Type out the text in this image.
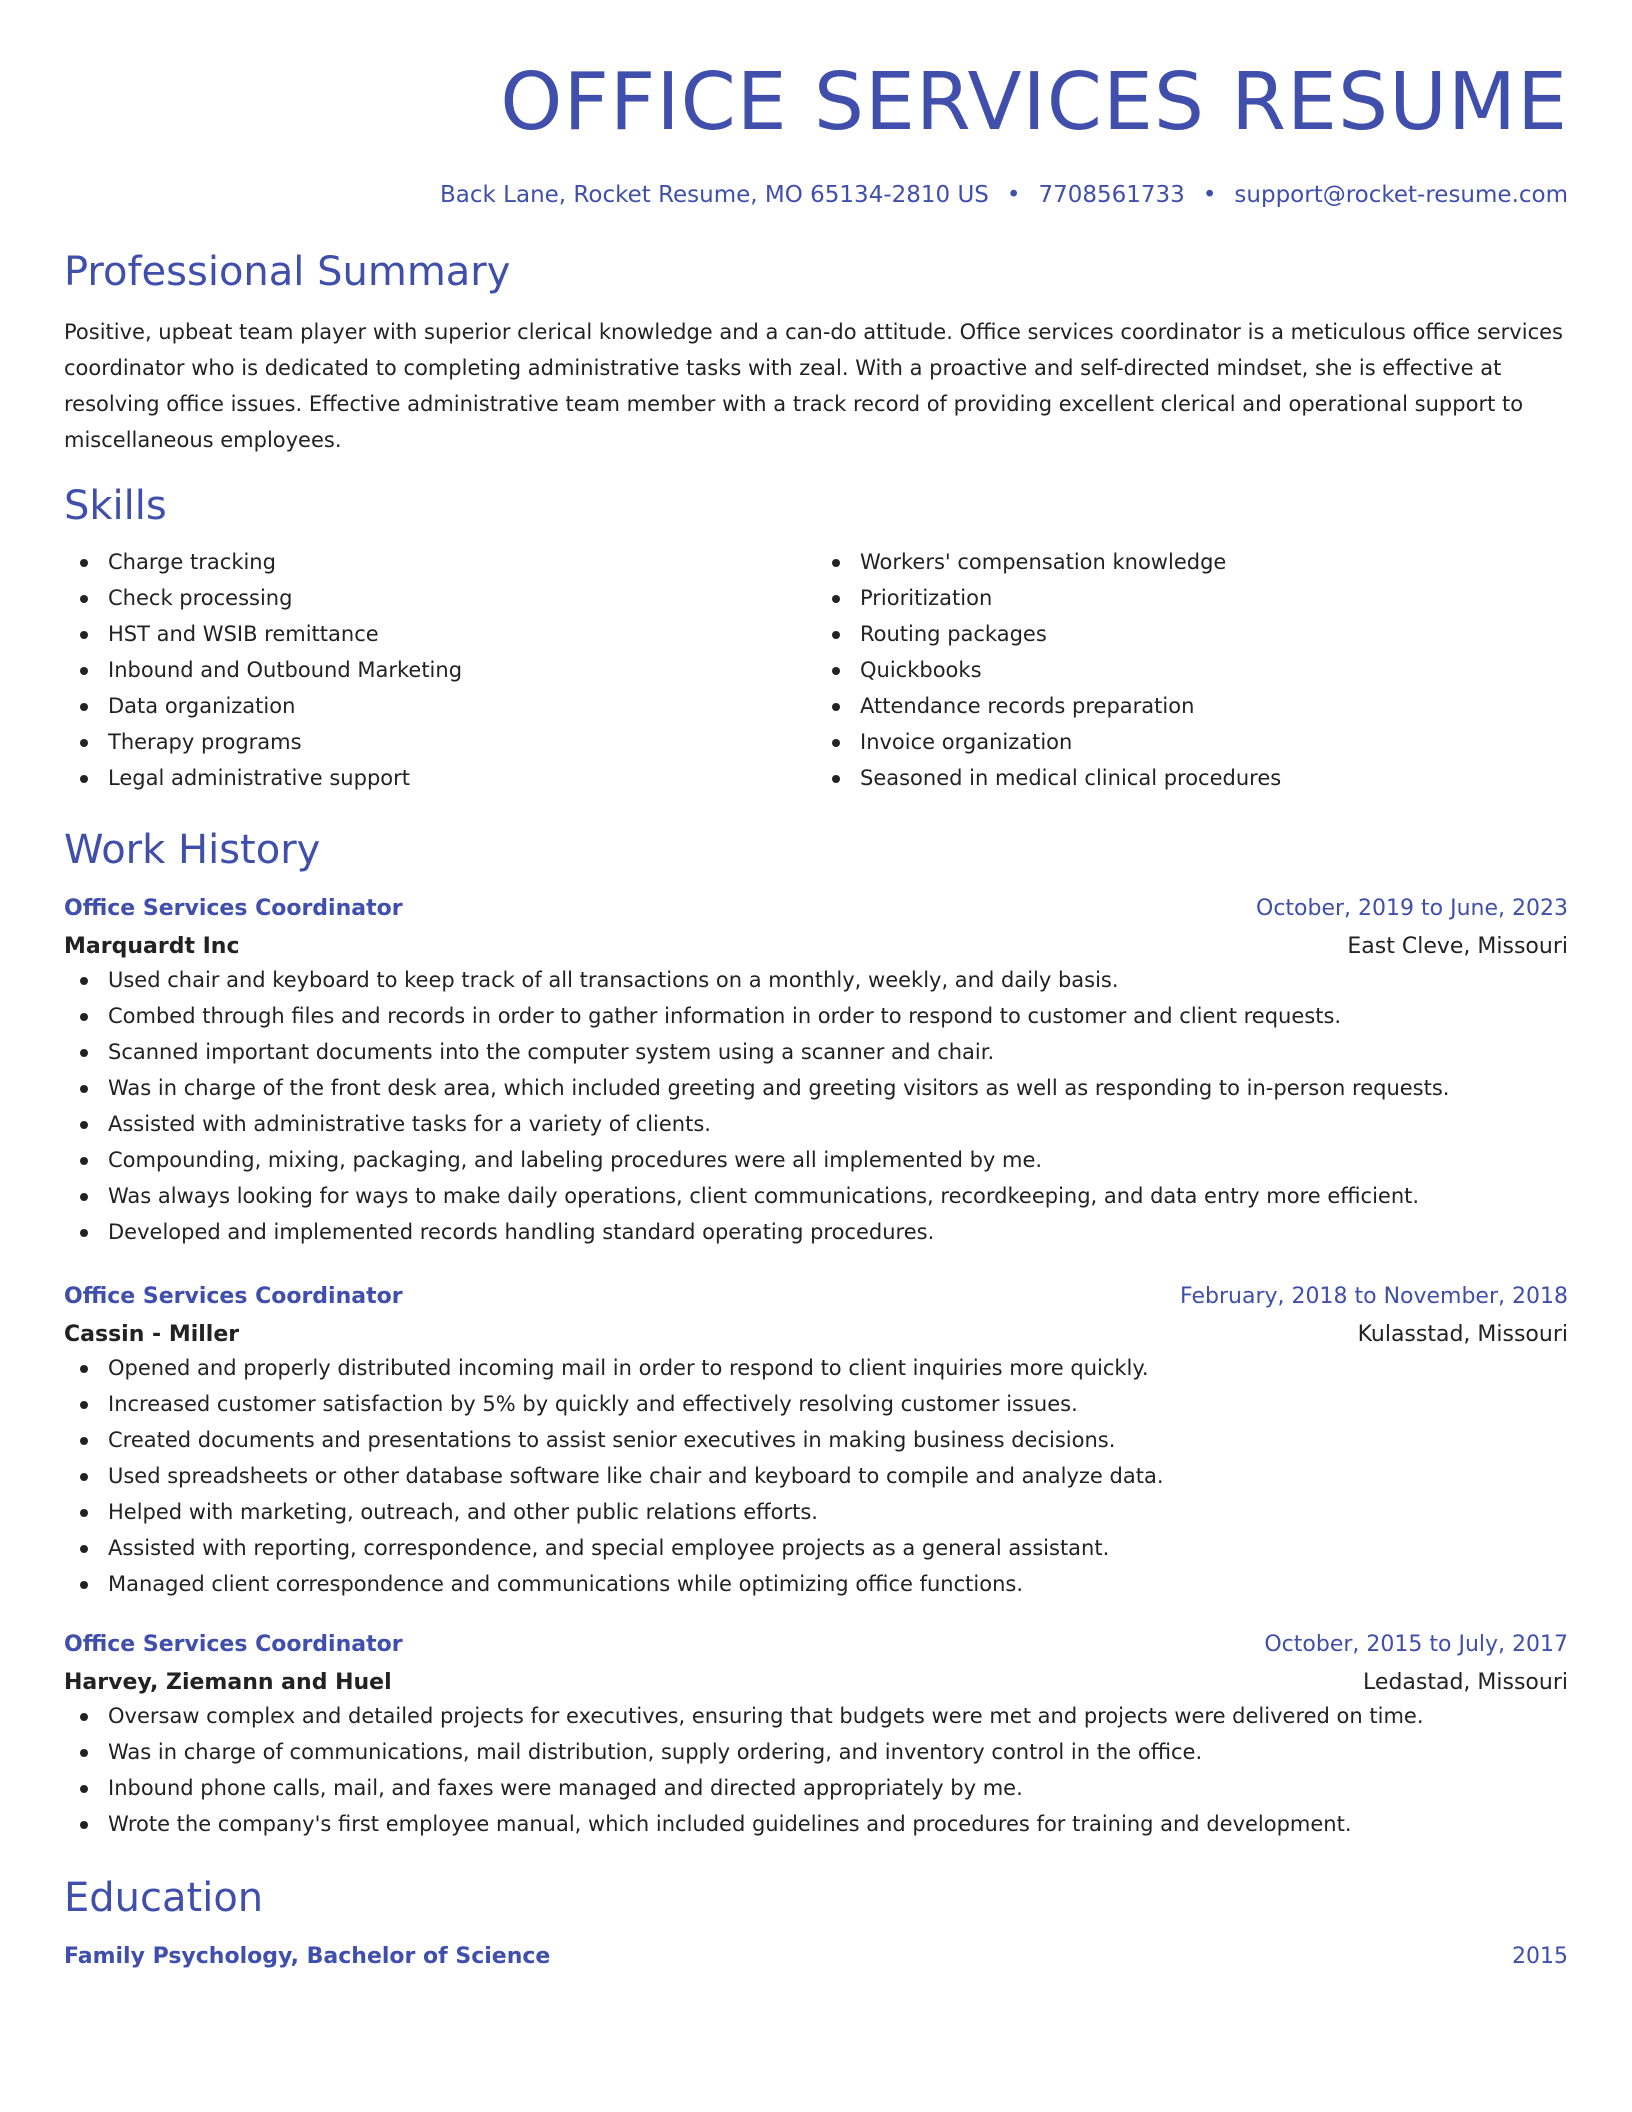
OFFICE SERVICES RESUME
Back Lane, Rocket Resume, MO 65134-2810 US • 7708561733 • support@rocket-resume.com
Professional Summary
Positive, upbeat team player with superior clerical knowledge and a can-do attitude. Office services coordinator is a meticulous office services coordinator who is dedicated to completing administrative tasks with zeal. With a proactive and self-directed mindset, she is effective at resolving office issues. Effective administrative team member with a track record of providing excellent clerical and operational support to miscellaneous employees.
Skills
Charge tracking
Check processing
HST and WSIB remittance
Inbound and Outbound Marketing
Data organization
Therapy programs
Legal administrative support
Workers' compensation knowledge
Prioritization
Routing packages
Quickbooks
Attendance records preparation
Invoice organization
Seasoned in medical clinical procedures
Work History
Office Services Coordinator	October, 2019 to June, 2023
Marquardt Inc	East Cleve, Missouri
Used chair and keyboard to keep track of all transactions on a monthly, weekly, and daily basis.
Combed through files and records in order to gather information in order to respond to customer and client requests.
Scanned important documents into the computer system using a scanner and chair.
Was in charge of the front desk area, which included greeting and greeting visitors as well as responding to in-person requests.
Assisted with administrative tasks for a variety of clients.
Compounding, mixing, packaging, and labeling procedures were all implemented by me.
Was always looking for ways to make daily operations, client communications, recordkeeping, and data entry more efficient.
Developed and implemented records handling standard operating procedures.
Office Services Coordinator	February, 2018 to November, 2018
Cassin - Miller	Kulasstad, Missouri
Opened and properly distributed incoming mail in order to respond to client inquiries more quickly.
Increased customer satisfaction by 5% by quickly and effectively resolving customer issues.
Created documents and presentations to assist senior executives in making business decisions.
Used spreadsheets or other database software like chair and keyboard to compile and analyze data.
Helped with marketing, outreach, and other public relations efforts.
Assisted with reporting, correspondence, and special employee projects as a general assistant.
Managed client correspondence and communications while optimizing office functions.
Office Services Coordinator	October, 2015 to July, 2017
Harvey, Ziemann and Huel	Ledastad, Missouri
Oversaw complex and detailed projects for executives, ensuring that budgets were met and projects were delivered on time.
Was in charge of communications, mail distribution, supply ordering, and inventory control in the office.
Inbound phone calls, mail, and faxes were managed and directed appropriately by me.
Wrote the company's first employee manual, which included guidelines and procedures for training and development.
Education
Family Psychology, Bachelor of Science	2015
